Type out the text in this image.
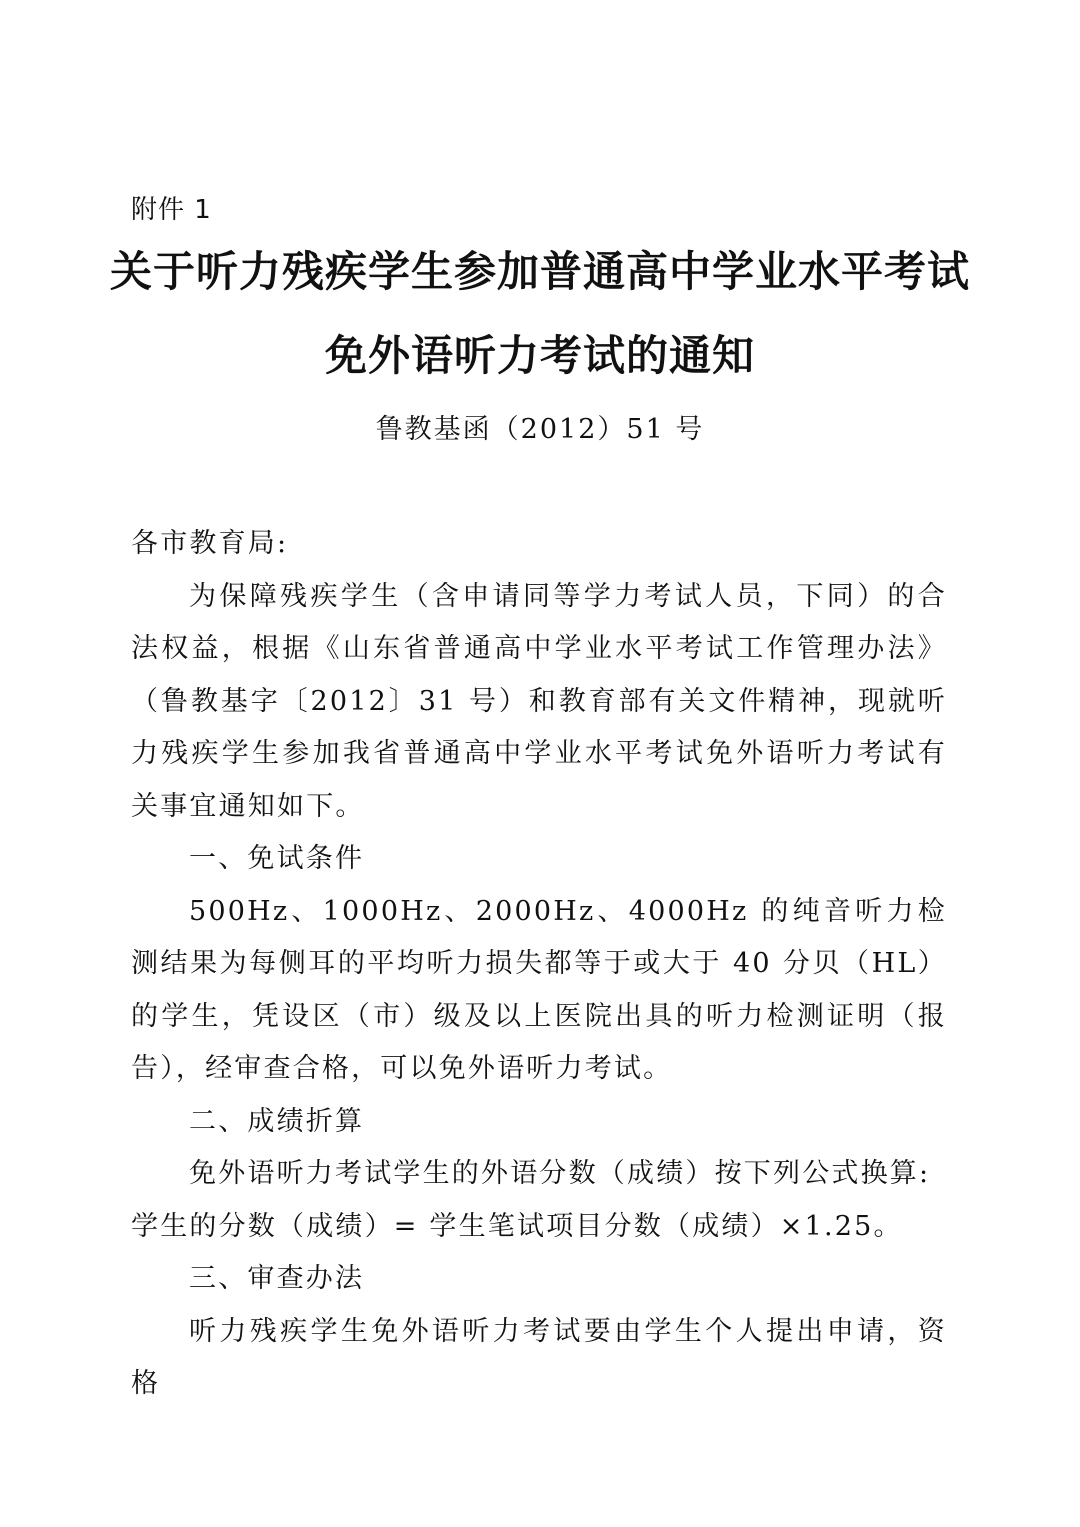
附件 1
关于听力残疾学生参加普通高中学业水平考试
免外语听力考试的通知
鲁教基函（2012）51 号

各市教育局:

为保障残疾学生（含申请同等学力考试人员，下同）的合法权益，根据《山东省普通高中学业水平考试工作管理办法》（鲁教基字〔2012〕31 号）和教育部有关文件精神，现就听力残疾学生参加我省普通高中学业水平考试免外语听力考试有关事宜通知如下。

一、免试条件

500Hz、1000Hz、2000Hz、4000Hz 的纯音听力检测结果为每侧耳的平均听力损失都等于或大于 40 分贝（HL）的学生，凭设区（市）级及以上医院出具的听力检测证明（报告），经审查合格，可以免外语听力考试。

二、成绩折算

免外语听力考试学生的外语分数（成绩）按下列公式换算:

学生的分数（成绩）= 学生笔试项目分数（成绩）×1.25。

三、审查办法

听力残疾学生免外语听力考试要由学生个人提出申请，资格
